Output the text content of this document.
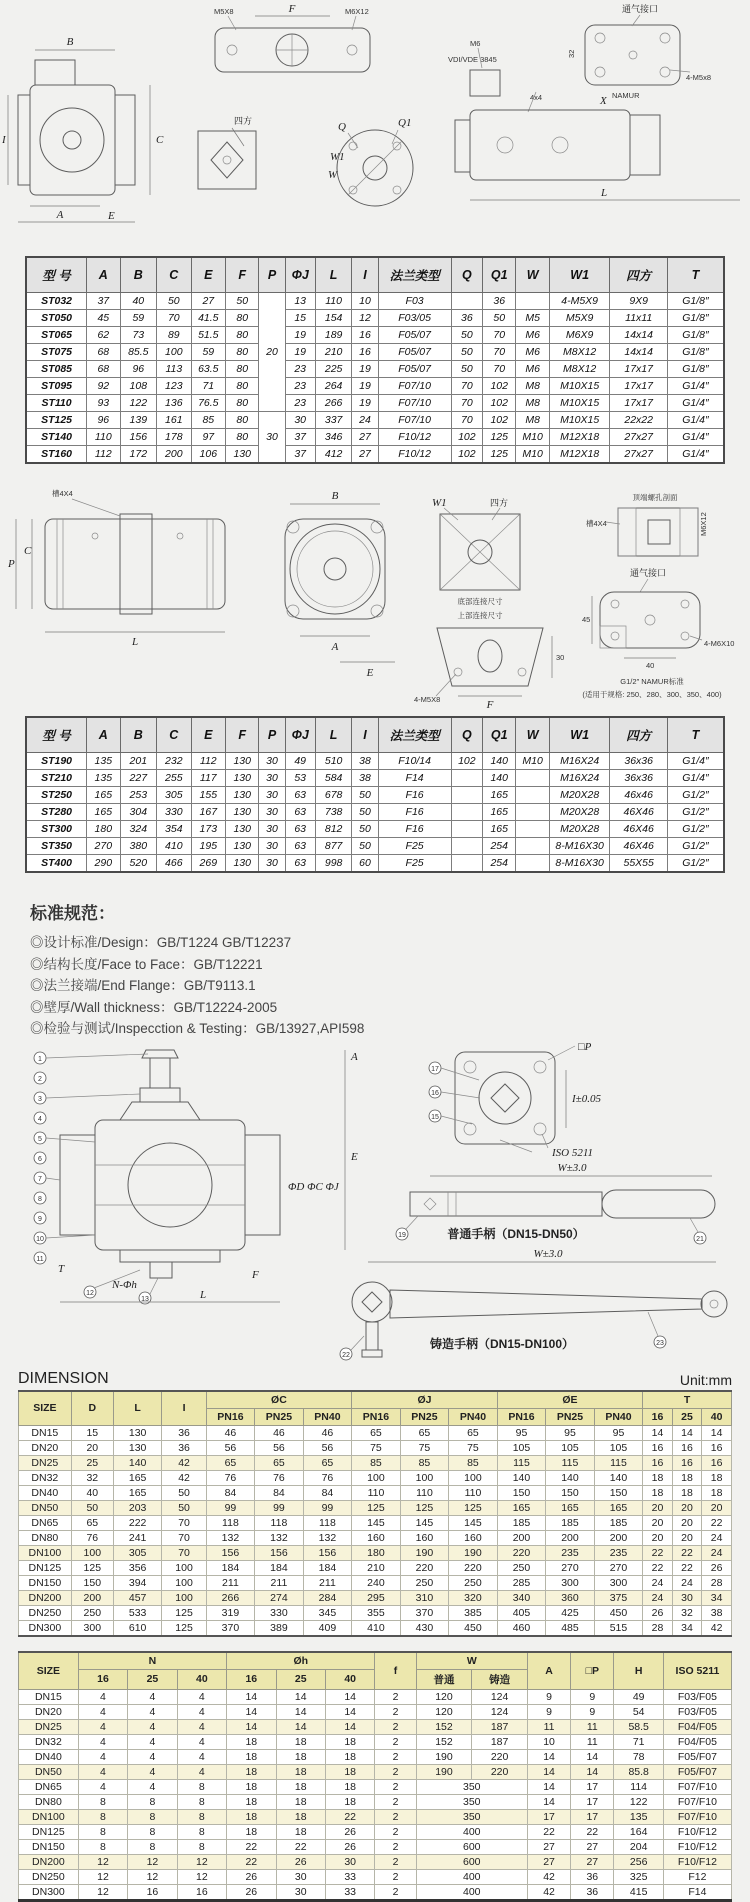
B
C
I
A	E
四方
F
M5X8	M6X12
Q	Q1
W1
W
VDI/VDE 3845
M6
4x4
通气接口
4-M5x8
NAMUR
32
X
L
型 号	A	B	C	E	F	P	ΦJ	L	I	法兰类型	Q	Q1	W	W1	四方	T
ST032	37	40	50	27	50	20	13	110	10	F03		36		4-M5X9	9X9	G1/8″
ST050	45	59	70	41.5	80		15	154	12	F03/05	36	50	M5	M5X9	11x11	G1/8″
ST065	62	73	89	51.5	80		19	189	16	F05/07	50	70	M6	M6X9	14x14	G1/8″
ST075	68	85.5	100	59	80		19	210	16	F05/07	50	70	M6	M8X12	14x14	G1/8″
ST085	68	96	113	63.5	80		23	225	19	F05/07	50	70	M6	M8X12	17x17	G1/8″
ST095	92	108	123	71	80		23	264	19	F07/10	70	102	M8	M10X15	17x17	G1/4″
ST110	93	122	136	76.5	80		23	266	19	F07/10	70	102	M8	M10X15	17x17	G1/4″
ST125	96	139	161	85	80	30	30	337	24	F07/10	70	102	M8	M10X15	22x22	G1/4″
ST140	110	156	178	97	80		37	346	27	F10/12	102	125	M10	M12X18	27x27	G1/4″
ST160	112	172	200	106	130		37	412	27	F10/12	102	125	M10	M12X18	27x27	G1/4″
槽4X4
P
C
L
B
A
E
W1	四方
底部连接尺寸
上部连接尺寸
4-M5X8	F
30
顶端螺孔剖面
槽4X4	M6X12
通气接口
45
40
4-M6X10
G1/2″ NAMUR标准
(适用于规格: 250、280、300、350、400)
型 号	A	B	C	E	F	P	ΦJ	L	I	法兰类型	Q	Q1	W	W1	四方	T
ST190	135	201	232	112	130	30	49	510	38	F10/14	102	140	M10	M16X24	36x36	G1/4″
ST210	135	227	255	117	130	30	53	584	38	F14		140		M16X24	36x36	G1/4″
ST250	165	253	305	155	130	30	63	678	50	F16		165		M20X28	46x46	G1/2″
ST280	165	304	330	167	130	30	63	738	50	F16		165		M20X28	46X46	G1/2″
ST300	180	324	354	173	130	30	63	812	50	F16		165		M20X28	46X46	G1/2″
ST350	270	380	410	195	130	30	63	877	50	F25		254		8-M16X30	46X46	G1/2″
ST400	290	520	466	269	130	30	63	998	60	F25		254		8-M16X30	55X55	G1/2″
标准规范：
◎设计标准/Design：GB/T1224 GB/T12237
◎结构长度/Face to Face：GB/T12221
◎法兰接端/End Flange：GB/T9113.1
◎壁厚/Wall thickness：GB/T12224-2005
◎检验与测试/Inspecction & Testing：GB/13927,API598
1
2
3
4
5
6
7
8
9
10
11
12
13
A
E
ΦD ΦC ΦJ
T
N-Φh
L
F
□P
I±0.05
ISO 5211
17
16
15
W±3.0
19
21
普通手柄（DN15-DN50）
W±3.0
22
23
铸造手柄（DN15-DN100）
DIMENSION	Unit:mm
SIZE	D	L	I	ØC			ØJ			ØE			T		
				PN16	PN25	PN40	PN16	PN25	PN40	PN16	PN25	PN40	16	25	40
DN15	15	130	36	46	46	46	65	65	65	95	95	95	14	14	14
DN20	20	130	36	56	56	56	75	75	75	105	105	105	16	16	16
DN25	25	140	42	65	65	65	85	85	85	115	115	115	16	16	16
DN32	32	165	42	76	76	76	100	100	100	140	140	140	18	18	18
DN40	40	165	50	84	84	84	110	110	110	150	150	150	18	18	18
DN50	50	203	50	99	99	99	125	125	125	165	165	165	20	20	20
DN65	65	222	70	118	118	118	145	145	145	185	185	185	20	20	22
DN80	76	241	70	132	132	132	160	160	160	200	200	200	20	20	24
DN100	100	305	70	156	156	156	180	190	190	220	235	235	22	22	24
DN125	125	356	100	184	184	184	210	220	220	250	270	270	22	22	26
DN150	150	394	100	211	211	211	240	250	250	285	300	300	24	24	28
DN200	200	457	100	266	274	284	295	310	320	340	360	375	24	30	34
DN250	250	533	125	319	330	345	355	370	385	405	425	450	26	32	38
DN300	300	610	125	370	389	409	410	430	450	460	485	515	28	34	42
SIZE	N			Øh			f	W		A	□P	H	ISO 5211
	16	25	40	16	25	40		普通	铸造				
DN15	4	4	4	14	14	14	2	120	124	9	9	49	F03/F05
DN20	4	4	4	14	14	14	2	120	124	9	9	54	F03/F05
DN25	4	4	4	14	14	14	2	152	187	11	11	58.5	F04/F05
DN32	4	4	4	18	18	18	2	152	187	10	11	71	F04/F05
DN40	4	4	4	18	18	18	2	190	220	14	14	78	F05/F07
DN50	4	4	4	18	18	18	2	190	220	14	14	85.8	F05/F07
DN65	4	4	8	18	18	18	2	350		14	17	114	F07/F10
DN80	8	8	8	18	18	18	2	350		14	17	122	F07/F10
DN100	8	8	8	18	18	22	2	350		17	17	135	F07/F10
DN125	8	8	8	18	18	26	2	400		22	22	164	F10/F12
DN150	8	8	8	22	22	26	2	600		27	27	204	F10/F12
DN200	12	12	12	22	26	30	2	600		27	27	256	F10/F12
DN250	12	12	12	26	30	33	2	400		42	36	325	F12
DN300	12	16	16	26	30	33	2	400		42	36	415	F14
